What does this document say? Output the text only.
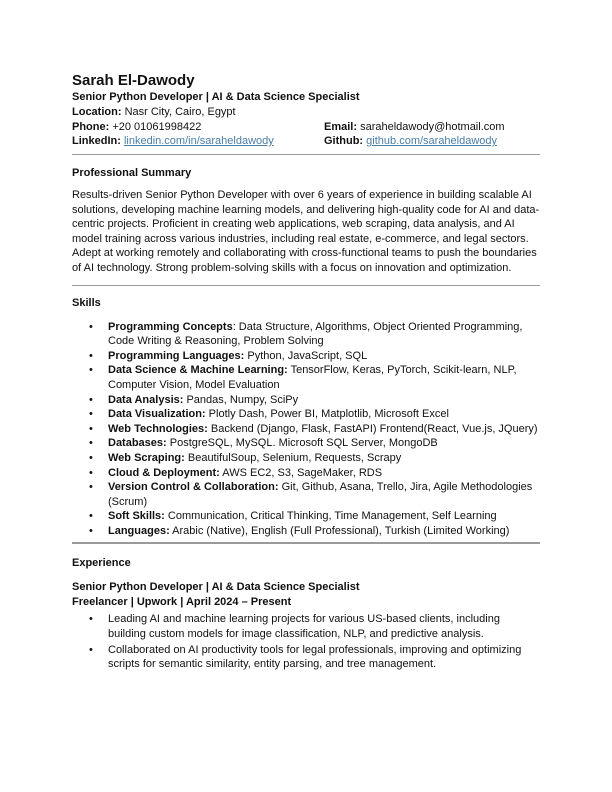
Sarah El-Dawody
Senior Python Developer | AI & Data Science Specialist
Location: Nasr City, Cairo, Egypt
Phone: +20 01061998422	Email: saraheldawody@hotmail.com
LinkedIn: linkedin.com/in/saraheldawody	Github: github.com/saraheldawody
Professional Summary
Results-driven Senior Python Developer with over 6 years of experience in building scalable AI solutions, developing machine learning models, and delivering high-quality code for AI and data-centric projects. Proficient in creating web applications, web scraping, data analysis, and AI model training across various industries, including real estate, e-commerce, and legal sectors. Adept at working remotely and collaborating with cross-functional teams to push the boundaries of AI technology. Strong problem-solving skills with a focus on innovation and optimization.
Skills
• Programming Concepts: Data Structure, Algorithms, Object Oriented Programming, Code Writing & Reasoning, Problem Solving
• Programming Languages: Python, JavaScript, SQL
• Data Science & Machine Learning: TensorFlow, Keras, PyTorch, Scikit-learn, NLP, Computer Vision, Model Evaluation
• Data Analysis: Pandas, Numpy, SciPy
• Data Visualization: Plotly Dash, Power BI, Matplotlib, Microsoft Excel
• Web Technologies: Backend (Django, Flask, FastAPI) Frontend(React, Vue.js, JQuery)
• Databases: PostgreSQL, MySQL. Microsoft SQL Server, MongoDB
• Web Scraping: BeautifulSoup, Selenium, Requests, Scrapy
• Cloud & Deployment: AWS EC2, S3, SageMaker, RDS
• Version Control & Collaboration: Git, Github, Asana, Trello, Jira, Agile Methodologies (Scrum)
• Soft Skills: Communication, Critical Thinking, Time Management, Self Learning
• Languages: Arabic (Native), English (Full Professional), Turkish (Limited Working)
Experience
Senior Python Developer | AI & Data Science Specialist
Freelancer | Upwork | April 2024 – Present
• Leading AI and machine learning projects for various US-based clients, including building custom models for image classification, NLP, and predictive analysis.
• Collaborated on AI productivity tools for legal professionals, improving and optimizing scripts for semantic similarity, entity parsing, and tree management.
